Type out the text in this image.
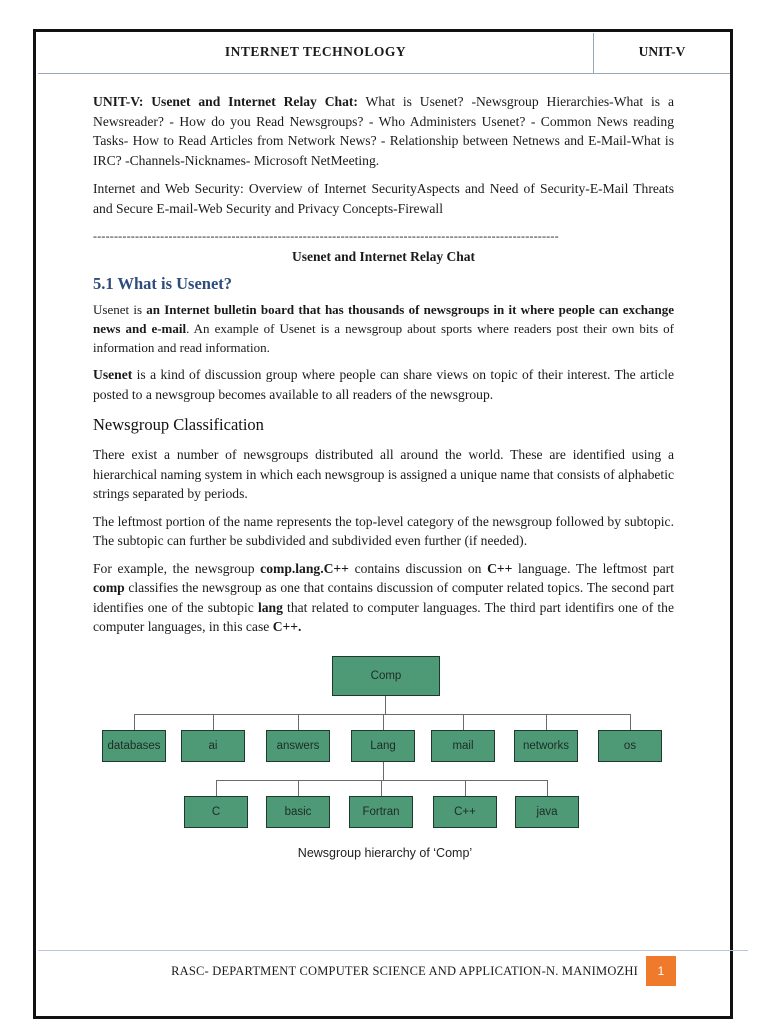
INTERNET TECHNOLOGY	UNIT-V

UNIT-V: Usenet and Internet Relay Chat: What is Usenet? -Newsgroup Hierarchies-What is a Newsreader? - How do you Read Newsgroups? - Who Administers Usenet? - Common News reading Tasks- How to Read Articles from Network News? - Relationship between Netnews and E-Mail-What is IRC? -Channels-Nicknames- Microsoft NetMeeting.

Internet and Web Security: Overview of Internet SecurityAspects and Need of Security-E-Mail Threats and Secure E-mail-Web Security and Privacy Concepts-Firewall

---------------------------------------------------------------------------------------------------------------
Usenet and Internet Relay Chat
5.1 What is Usenet?

Usenet is an Internet bulletin board that has thousands of newsgroups in it where people can exchange news and e-mail. An example of Usenet is a newsgroup about sports where readers post their own bits of information and read information.

Usenet is a kind of discussion group where people can share views on topic of their interest. The article posted to a newsgroup becomes available to all readers of the newsgroup.

Newsgroup Classification

There exist a number of newsgroups distributed all around the world. These are identified using a hierarchical naming system in which each newsgroup is assigned a unique name that consists of alphabetic strings separated by periods.

The leftmost portion of the name represents the top-level category of the newsgroup followed by subtopic. The subtopic can further be subdivided and subdivided even further (if needed).

For example, the newsgroup comp.lang.C++ contains discussion on C++ language. The leftmost part comp classifies the newsgroup as one that contains discussion of computer related topics. The second part identifies one of the subtopic lang that related to computer languages. The third part identifirs one of the computer languages, in this case C++.

Comp
databases	ai	answers	Lang	mail	networks	os
C	basic	Fortran	C++	java
Newsgroup hierarchy of ‘Comp’
RASC- DEPARTMENT COMPUTER SCIENCE AND APPLICATION-N. MANIMOZHI	1
